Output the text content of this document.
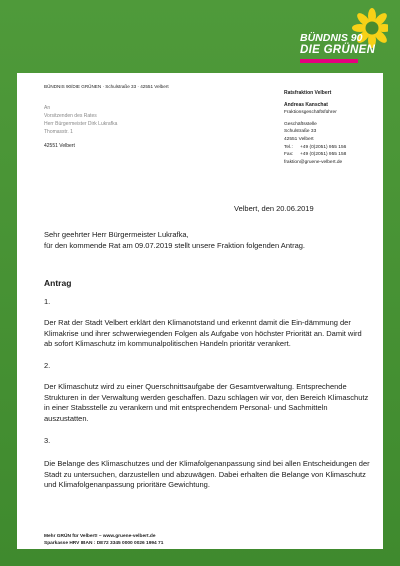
BÜNDNIS 90
DIE GRÜNEN
BÜNDNIS 90/DIE GRÜNEN · Schulstraße 33 · 42551 Velbert
An
Vorsitzenden des Rates
Herr Bürgermeister Dirk Lukrafka
Thomasstr. 1
42551 Velbert
Ratsfraktion Velbert
Andreas Kanschat
Fraktionsgeschäftsführer
Geschäftsstelle
Schulstraße 33
42551 Velbert
Tel.:	+49 (0)2051) 955 156
Fax:	+49 (0)2051) 955 158
fraktion@gruene-velbert.de
Velbert, den 20.06.2019
Sehr geehrter Herr Bürgermeister Lukrafka,
für den kommende Rat am 09.07.2019 stellt unsere Fraktion folgenden Antrag.
Antrag
1.
Der Rat der Stadt Velbert erklärt den Klimanotstand und erkennt damit die Ein-dämmung der Klimakrise und ihrer schwerwiegenden Folgen als Aufgabe von höchster Priorität an. Damit wird ab sofort Klimaschutz im kommunalpolitischen Handeln prioritär verankert.
2.
Der Klimaschutz wird zu einer Querschnittsaufgabe der Gesamtverwaltung. Entsprechende Strukturen in der Verwaltung werden geschaffen. Dazu schlagen wir vor, den Bereich Klimaschutz in einer Stabsstelle zu verankern und mit entsprechendem Personal- und Sachmitteln auszustatten.
3.
Die Belange des Klimaschutzes und der Klimafolgenanpassung sind bei allen Entscheidungen der Stadt zu untersuchen, darzustellen und abzuwägen. Dabei erhalten die Belange von Klimaschutz und Klimafolgenanpassung prioritäre Gewichtung.
Mehr GRÜN für Velbert! – www.gruene-velbert.de
Sparkasse HRV IBAN : DE72 3345 0000 0026 1994 71
